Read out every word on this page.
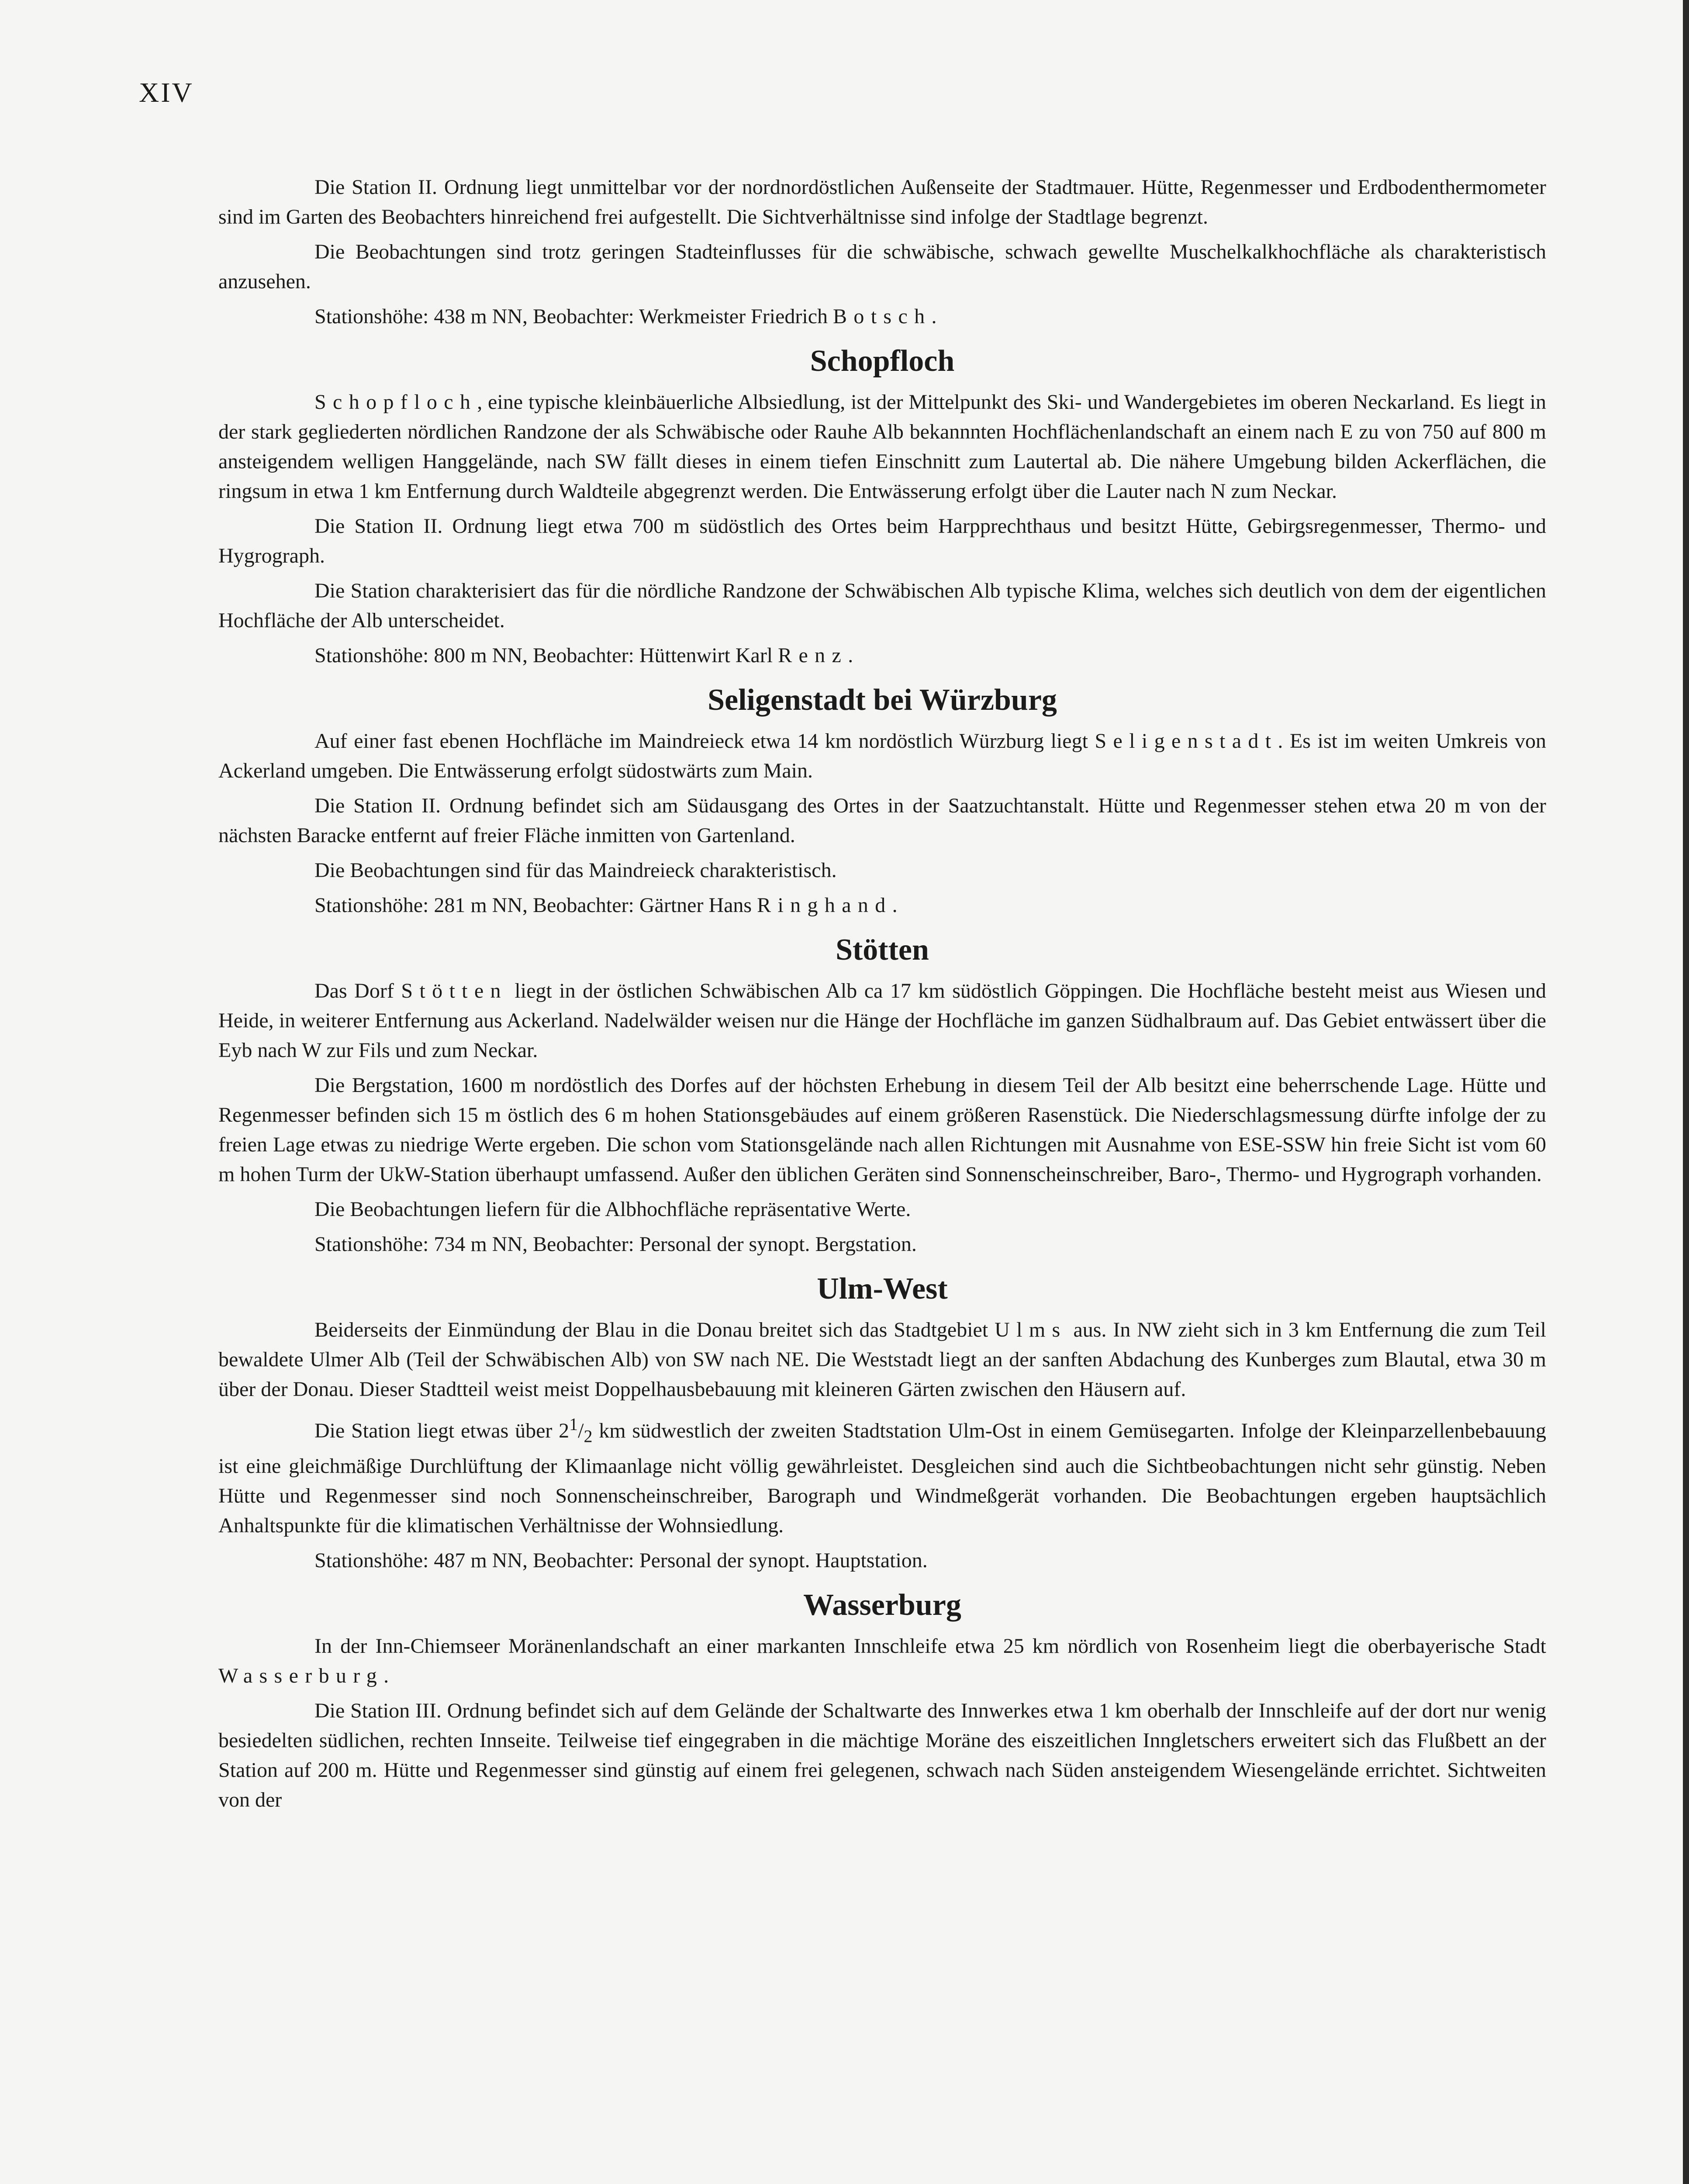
XIV

Die Station II. Ordnung liegt unmittelbar vor der nordnordöstlichen Außenseite der Stadtmauer. Hütte, Regenmesser und Erdbodenthermometer sind im Garten des Beobachters hinreichend frei aufgestellt. Die Sichtverhältnisse sind infolge der Stadtlage begrenzt.

Die Beobachtungen sind trotz geringen Stadteinflusses für die schwäbische, schwach gewellte Muschelkalkhochfläche als charakteristisch anzusehen.

Stationshöhe: 438 m NN, Beobachter: Werkmeister Friedrich Botsch.

Schopfloch

Schopfloch, eine typische kleinbäuerliche Albsiedlung, ist der Mittelpunkt des Ski- und Wandergebietes im oberen Neckarland. Es liegt in der stark gegliederten nördlichen Randzone der als Schwäbische oder Rauhe Alb bekannnten Hochflächenlandschaft an einem nach E zu von 750 auf 800 m ansteigendem welligen Hanggelände, nach SW fällt dieses in einem tiefen Einschnitt zum Lautertal ab. Die nähere Umgebung bilden Ackerflächen, die ringsum in etwa 1 km Entfernung durch Waldteile abgegrenzt werden. Die Entwässerung erfolgt über die Lauter nach N zum Neckar.

Die Station II. Ordnung liegt etwa 700 m südöstlich des Ortes beim Harpprechthaus und besitzt Hütte, Gebirgsregenmesser, Thermo- und Hygrograph.

Die Station charakterisiert das für die nördliche Randzone der Schwäbischen Alb typische Klima, welches sich deutlich von dem der eigentlichen Hochfläche der Alb unterscheidet.

Stationshöhe: 800 m NN, Beobachter: Hüttenwirt Karl Renz.

Seligenstadt bei Würzburg

Auf einer fast ebenen Hochfläche im Maindreieck etwa 14 km nordöstlich Würzburg liegt Seligenstadt. Es ist im weiten Umkreis von Ackerland umgeben. Die Entwässerung erfolgt südostwärts zum Main.

Die Station II. Ordnung befindet sich am Südausgang des Ortes in der Saatzuchtanstalt. Hütte und Regenmesser stehen etwa 20 m von der nächsten Baracke entfernt auf freier Fläche inmitten von Gartenland.

Die Beobachtungen sind für das Maindreieck charakteristisch.

Stationshöhe: 281 m NN, Beobachter: Gärtner Hans Ringhand.

Stötten

Das Dorf Stötten liegt in der östlichen Schwäbischen Alb ca 17 km südöstlich Göppingen. Die Hochfläche besteht meist aus Wiesen und Heide, in weiterer Entfernung aus Ackerland. Nadelwälder weisen nur die Hänge der Hochfläche im ganzen Südhalbraum auf. Das Gebiet entwässert über die Eyb nach W zur Fils und zum Neckar.

Die Bergstation, 1600 m nordöstlich des Dorfes auf der höchsten Erhebung in diesem Teil der Alb besitzt eine beherrschende Lage. Hütte und Regenmesser befinden sich 15 m östlich des 6 m hohen Stationsgebäudes auf einem größeren Rasenstück. Die Niederschlagsmessung dürfte infolge der zu freien Lage etwas zu niedrige Werte ergeben. Die schon vom Stationsgelände nach allen Richtungen mit Ausnahme von ESE-SSW hin freie Sicht ist vom 60 m hohen Turm der UkW-Station überhaupt umfassend. Außer den üblichen Geräten sind Sonnenscheinschreiber, Baro-, Thermo- und Hygrograph vorhanden.

Die Beobachtungen liefern für die Albhochfläche repräsentative Werte.

Stationshöhe: 734 m NN, Beobachter: Personal der synopt. Bergstation.

Ulm-West

Beiderseits der Einmündung der Blau in die Donau breitet sich das Stadtgebiet Ulms aus. In NW zieht sich in 3 km Entfernung die zum Teil bewaldete Ulmer Alb (Teil der Schwäbischen Alb) von SW nach NE. Die Weststadt liegt an der sanften Abdachung des Kunberges zum Blautal, etwa 30 m über der Donau. Dieser Stadtteil weist meist Doppelhausbebauung mit kleineren Gärten zwischen den Häusern auf.

Die Station liegt etwas über $2^1/_2$ km südwestlich der zweiten Stadtstation Ulm-Ost in einem Gemüsegarten. Infolge der Kleinparzellenbebauung ist eine gleichmäßige Durchlüftung der Klimaanlage nicht völlig gewährleistet. Desgleichen sind auch die Sichtbeobachtungen nicht sehr günstig. Neben Hütte und Regenmesser sind noch Sonnenscheinschreiber, Barograph und Windmeßgerät vorhanden. Die Beobachtungen ergeben hauptsächlich Anhaltspunkte für die klimatischen Verhältnisse der Wohnsiedlung.

Stationshöhe: 487 m NN, Beobachter: Personal der synopt. Hauptstation.

Wasserburg

In der Inn-Chiemseer Moränenlandschaft an einer markanten Innschleife etwa 25 km nördlich von Rosenheim liegt die oberbayerische Stadt Wasserburg.

Die Station III. Ordnung befindet sich auf dem Gelände der Schaltwarte des Innwerkes etwa 1 km oberhalb der Innschleife auf der dort nur wenig besiedelten südlichen, rechten Innseite. Teilweise tief eingegraben in die mächtige Moräne des eiszeitlichen Inngletschers erweitert sich das Flußbett an der Station auf 200 m. Hütte und Regenmesser sind günstig auf einem frei gelegenen, schwach nach Süden ansteigendem Wiesengelände errichtet. Sichtweiten von der
